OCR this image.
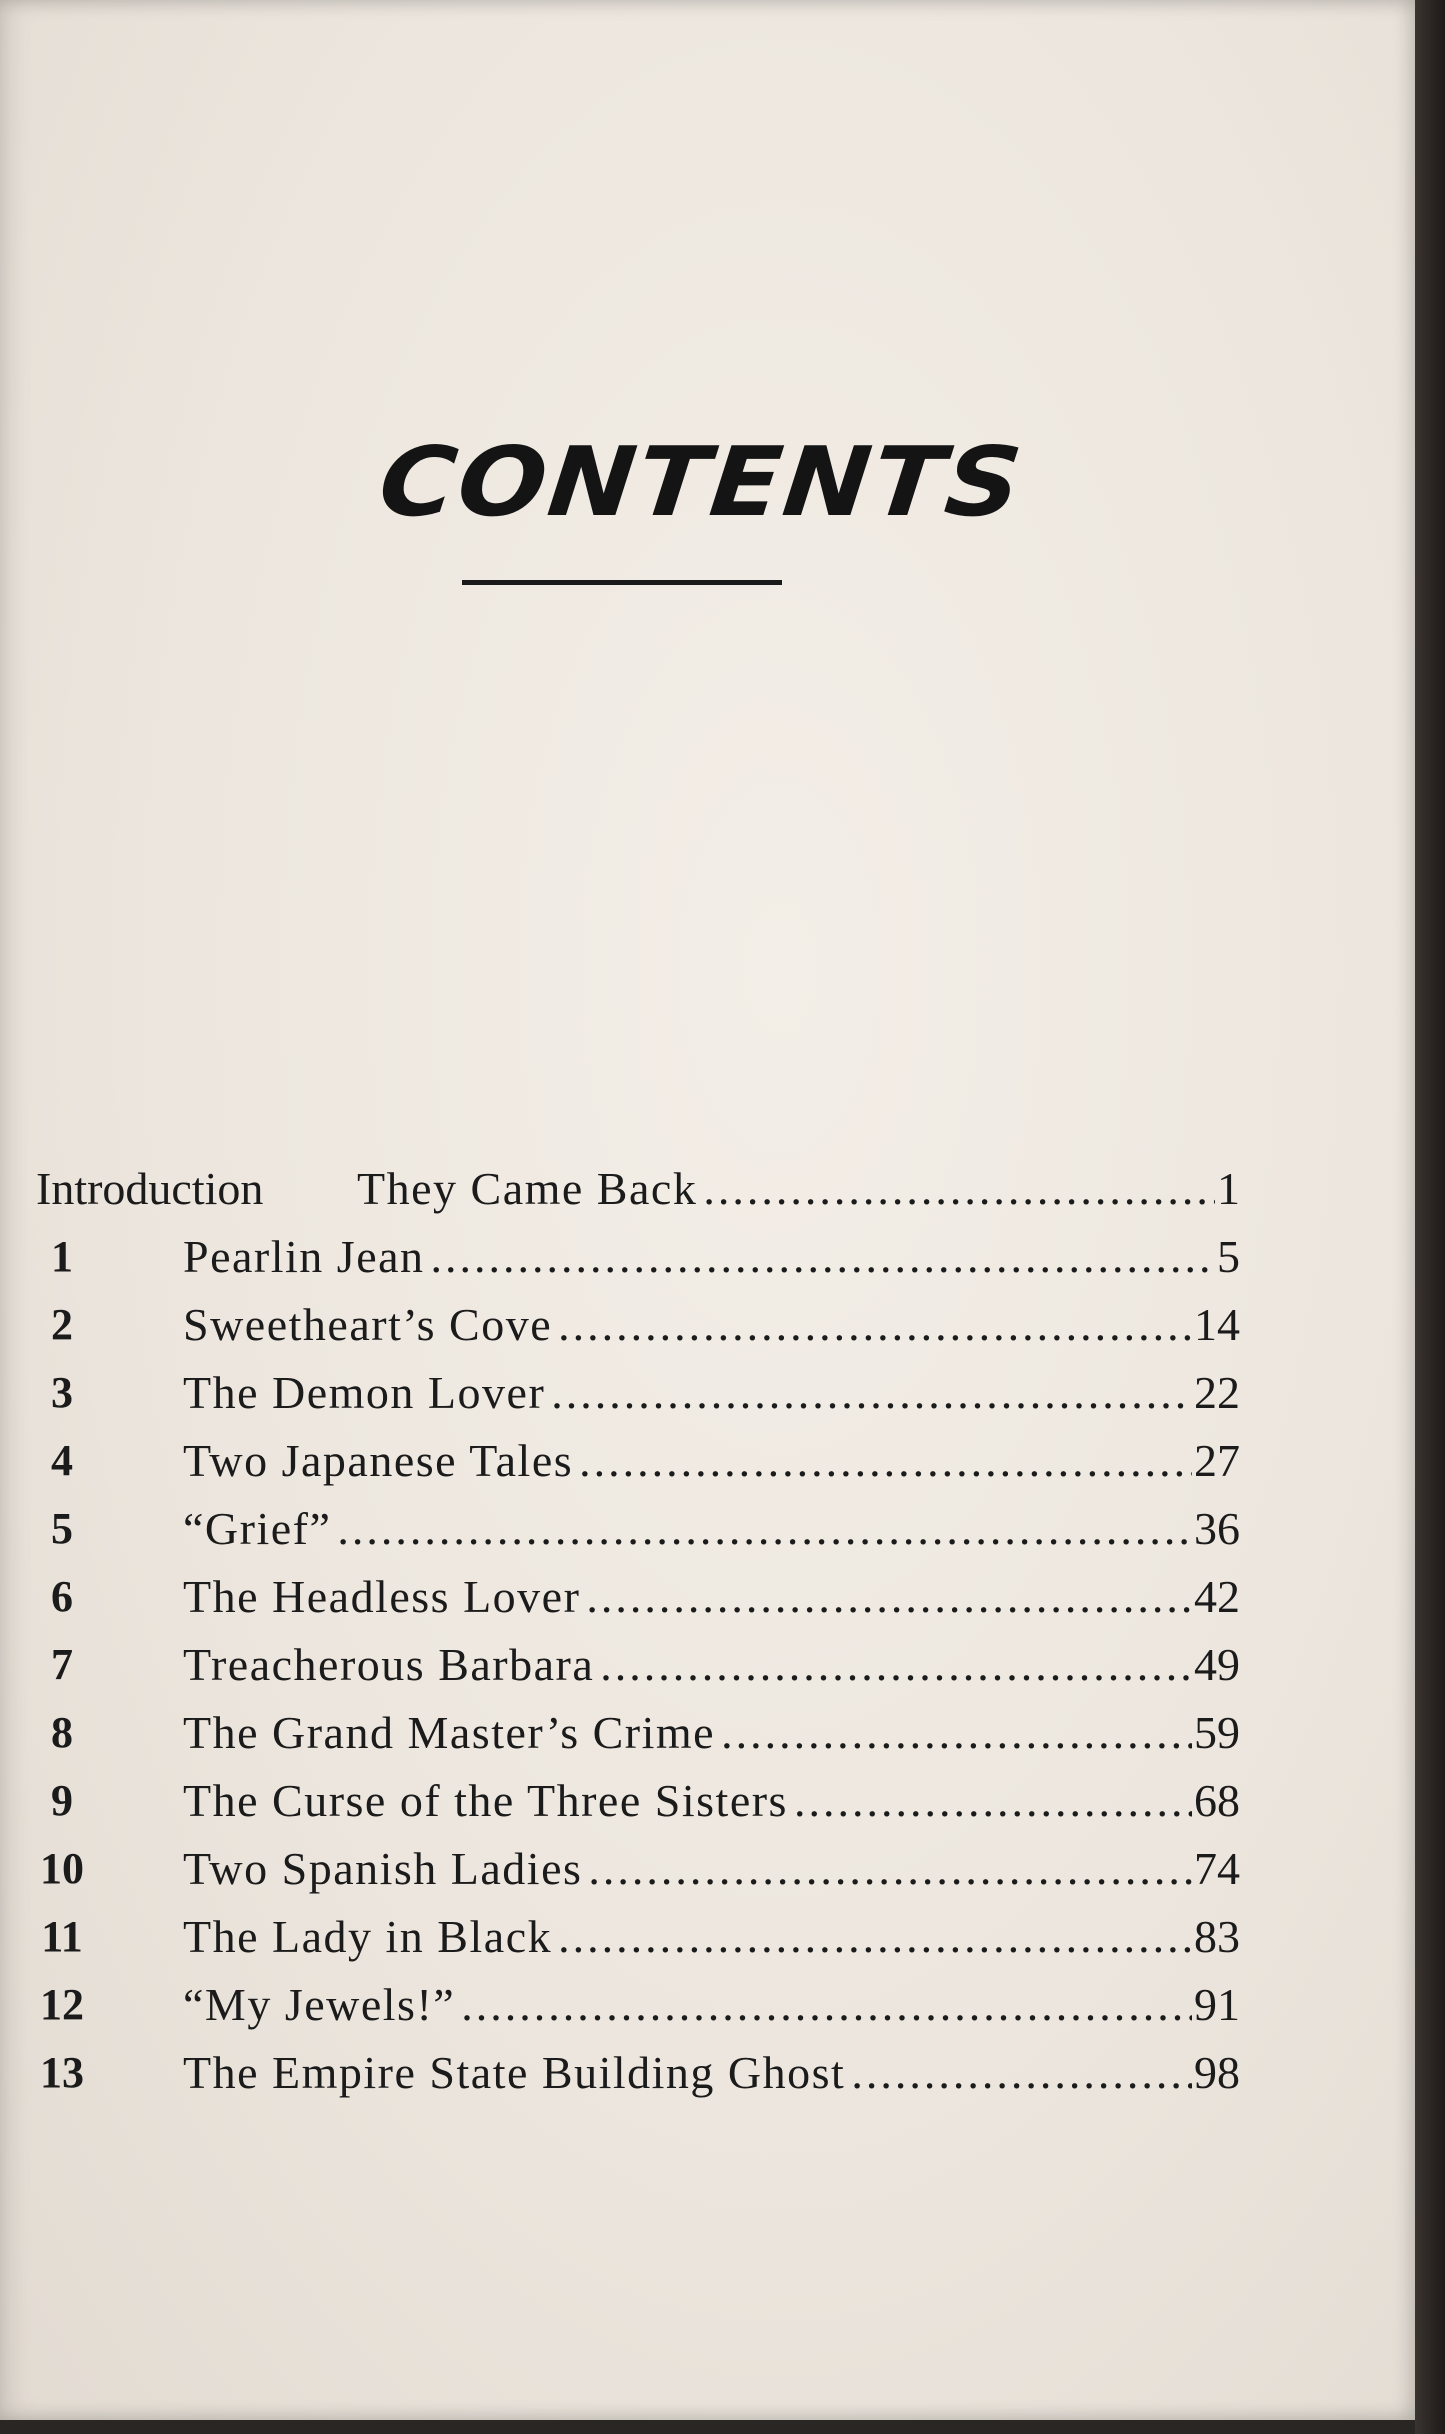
CONTENTS
Introduction They Came Back .....	1
1	Pearlin Jean .....	5
2	Sweetheart’s Cove .....	14
3	The Demon Lover .....	22
4	Two Japanese Tales .....	27
5	“Grief” .....	36
6	The Headless Lover .....	42
7	Treacherous Barbara .....	49
8	The Grand Master’s Crime .....	59
9	The Curse of the Three Sisters .....	68
10 Two Spanish Ladies .....	74
11 The Lady in Black .....	83
12 “My Jewels!” .....	91
13 The Empire State Building Ghost .....	98
